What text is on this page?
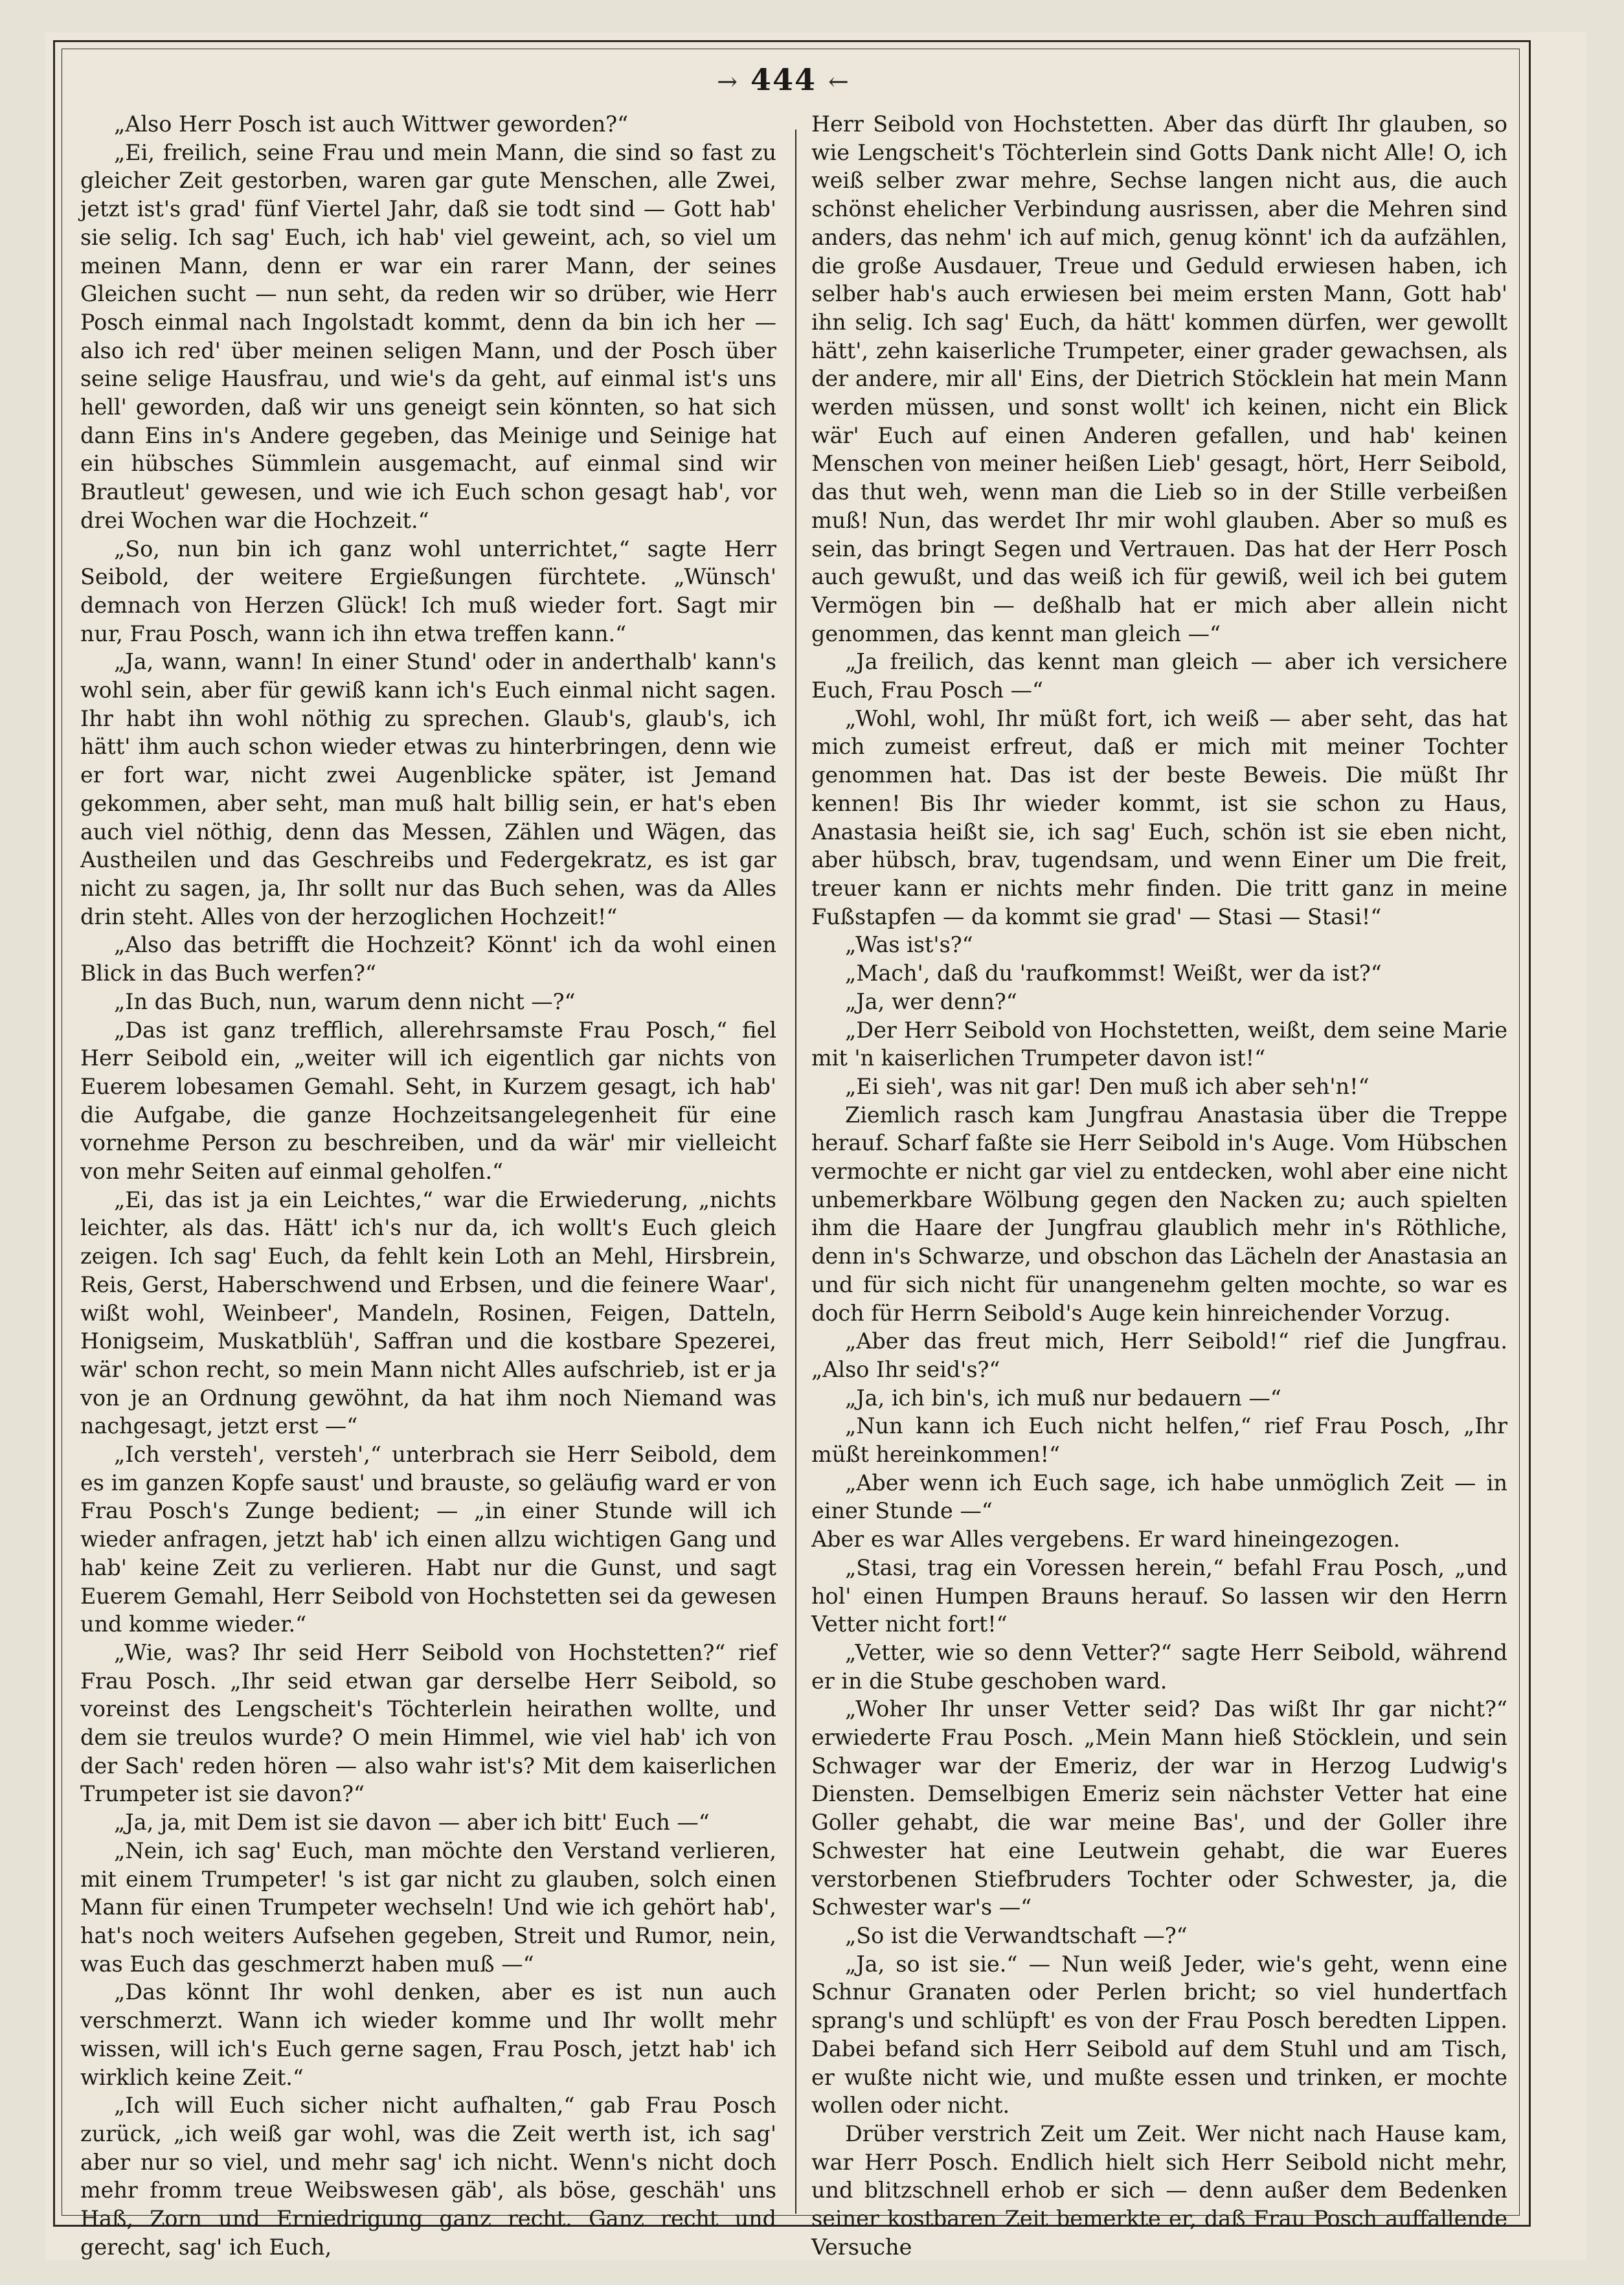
→ 444 ←

„Also Herr Posch ist auch Wittwer geworden?“

„Ei, freilich, seine Frau und mein Mann, die sind so fast zu gleicher Zeit gestorben, waren gar gute Menschen, alle Zwei, jetzt ist's grad' fünf Viertel Jahr, daß sie todt sind — Gott hab' sie selig. Ich sag' Euch, ich hab' viel geweint, ach, so viel um meinen Mann, denn er war ein rarer Mann, der seines Gleichen sucht — nun seht, da reden wir so drüber, wie Herr Posch einmal nach Ingolstadt kommt, denn da bin ich her — also ich red' über meinen seligen Mann, und der Posch über seine selige Hausfrau, und wie's da geht, auf einmal ist's uns hell' geworden, daß wir uns geneigt sein könnten, so hat sich dann Eins in's Andere gegeben, das Meinige und Seinige hat ein hübsches Sümmlein ausgemacht, auf einmal sind wir Brautleut' gewesen, und wie ich Euch schon gesagt hab', vor drei Wochen war die Hochzeit.“

„So, nun bin ich ganz wohl unterrichtet,“ sagte Herr Seibold, der weitere Ergießungen fürchtete. „Wünsch' demnach von Herzen Glück! Ich muß wieder fort. Sagt mir nur, Frau Posch, wann ich ihn etwa treffen kann.“

„Ja, wann, wann! In einer Stund' oder in anderthalb' kann's wohl sein, aber für gewiß kann ich's Euch einmal nicht sagen. Ihr habt ihn wohl nöthig zu sprechen. Glaub's, glaub's, ich hätt' ihm auch schon wieder etwas zu hinterbringen, denn wie er fort war, nicht zwei Augenblicke später, ist Jemand gekommen, aber seht, man muß halt billig sein, er hat's eben auch viel nöthig, denn das Messen, Zählen und Wägen, das Austheilen und das Geschreibs und Federgekratz, es ist gar nicht zu sagen, ja, Ihr sollt nur das Buch sehen, was da Alles drin steht. Alles von der herzoglichen Hochzeit!“

„Also das betrifft die Hochzeit? Könnt' ich da wohl einen Blick in das Buch werfen?“

„In das Buch, nun, warum denn nicht —?“

„Das ist ganz trefflich, allerehrsamste Frau Posch,“ fiel Herr Seibold ein, „weiter will ich eigentlich gar nichts von Euerem lobesamen Gemahl. Seht, in Kurzem gesagt, ich hab' die Aufgabe, die ganze Hochzeitsangelegenheit für eine vornehme Person zu beschreiben, und da wär' mir vielleicht von mehr Seiten auf einmal geholfen.“

„Ei, das ist ja ein Leichtes,“ war die Erwiederung, „nichts leichter, als das. Hätt' ich's nur da, ich wollt's Euch gleich zeigen. Ich sag' Euch, da fehlt kein Loth an Mehl, Hirsbrein, Reis, Gerst, Haberschwend und Erbsen, und die feinere Waar', wißt wohl, Weinbeer', Mandeln, Rosinen, Feigen, Datteln, Honigseim, Muskatblüh', Saffran und die kostbare Spezerei, wär' schon recht, so mein Mann nicht Alles aufschrieb, ist er ja von je an Ordnung gewöhnt, da hat ihm noch Niemand was nachgesagt, jetzt erst —“

„Ich versteh', versteh',“ unterbrach sie Herr Seibold, dem es im ganzen Kopfe saust' und brauste, so geläufig ward er von Frau Posch's Zunge bedient; — „in einer Stunde will ich wieder anfragen, jetzt hab' ich einen allzu wichtigen Gang und hab' keine Zeit zu verlieren. Habt nur die Gunst, und sagt Euerem Gemahl, Herr Seibold von Hochstetten sei da gewesen und komme wieder.“

„Wie, was? Ihr seid Herr Seibold von Hochstetten?“ rief Frau Posch. „Ihr seid etwan gar derselbe Herr Seibold, so voreinst des Lengscheit's Töchterlein heirathen wollte, und dem sie treulos wurde? O mein Himmel, wie viel hab' ich von der Sach' reden hören — also wahr ist's? Mit dem kaiserlichen Trumpeter ist sie davon?“

„Ja, ja, mit Dem ist sie davon — aber ich bitt' Euch —“

„Nein, ich sag' Euch, man möchte den Verstand verlieren, mit einem Trumpeter! 's ist gar nicht zu glauben, solch einen Mann für einen Trumpeter wechseln! Und wie ich gehört hab', hat's noch weiters Aufsehen gegeben, Streit und Rumor, nein, was Euch das geschmerzt haben muß —“

„Das könnt Ihr wohl denken, aber es ist nun auch verschmerzt. Wann ich wieder komme und Ihr wollt mehr wissen, will ich's Euch gerne sagen, Frau Posch, jetzt hab' ich wirklich keine Zeit.“

„Ich will Euch sicher nicht aufhalten,“ gab Frau Posch zurück, „ich weiß gar wohl, was die Zeit werth ist, ich sag' aber nur so viel, und mehr sag' ich nicht. Wenn's nicht doch mehr fromm treue Weibswesen gäb', als böse, geschäh' uns Haß, Zorn und Erniedrigung ganz recht. Ganz recht und gerecht, sag' ich Euch,

Herr Seibold von Hochstetten. Aber das dürft Ihr glauben, so wie Lengscheit's Töchterlein sind Gotts Dank nicht Alle! O, ich weiß selber zwar mehre, Sechse langen nicht aus, die auch schönst ehelicher Verbindung ausrissen, aber die Mehren sind anders, das nehm' ich auf mich, genug könnt' ich da aufzählen, die große Ausdauer, Treue und Geduld erwiesen haben, ich selber hab's auch erwiesen bei meim ersten Mann, Gott hab' ihn selig. Ich sag' Euch, da hätt' kommen dürfen, wer gewollt hätt', zehn kaiserliche Trumpeter, einer grader gewachsen, als der andere, mir all' Eins, der Dietrich Stöcklein hat mein Mann werden müssen, und sonst wollt' ich keinen, nicht ein Blick wär' Euch auf einen Anderen gefallen, und hab' keinen Menschen von meiner heißen Lieb' gesagt, hört, Herr Seibold, das thut weh, wenn man die Lieb so in der Stille verbeißen muß! Nun, das werdet Ihr mir wohl glauben. Aber so muß es sein, das bringt Segen und Vertrauen. Das hat der Herr Posch auch gewußt, und das weiß ich für gewiß, weil ich bei gutem Vermögen bin — deßhalb hat er mich aber allein nicht genommen, das kennt man gleich —“

„Ja freilich, das kennt man gleich — aber ich versichere Euch, Frau Posch —“

„Wohl, wohl, Ihr müßt fort, ich weiß — aber seht, das hat mich zumeist erfreut, daß er mich mit meiner Tochter genommen hat. Das ist der beste Beweis. Die müßt Ihr kennen! Bis Ihr wieder kommt, ist sie schon zu Haus, Anastasia heißt sie, ich sag' Euch, schön ist sie eben nicht, aber hübsch, brav, tugendsam, und wenn Einer um Die freit, treuer kann er nichts mehr finden. Die tritt ganz in meine Fußstapfen — da kommt sie grad' — Stasi — Stasi!“

„Was ist's?“

„Mach', daß du 'raufkommst! Weißt, wer da ist?“

„Ja, wer denn?“

„Der Herr Seibold von Hochstetten, weißt, dem seine Marie mit 'n kaiserlichen Trumpeter davon ist!“

„Ei sieh', was nit gar! Den muß ich aber seh'n!“

Ziemlich rasch kam Jungfrau Anastasia über die Treppe herauf. Scharf faßte sie Herr Seibold in's Auge. Vom Hübschen vermochte er nicht gar viel zu entdecken, wohl aber eine nicht unbemerkbare Wölbung gegen den Nacken zu; auch spielten ihm die Haare der Jungfrau glaublich mehr in's Röthliche, denn in's Schwarze, und obschon das Lächeln der Anastasia an und für sich nicht für unangenehm gelten mochte, so war es doch für Herrn Seibold's Auge kein hinreichender Vorzug.

„Aber das freut mich, Herr Seibold!“ rief die Jungfrau. „Also Ihr seid's?“

„Ja, ich bin's, ich muß nur bedauern —“

„Nun kann ich Euch nicht helfen,“ rief Frau Posch, „Ihr müßt hereinkommen!“

„Aber wenn ich Euch sage, ich habe unmöglich Zeit — in einer Stunde —“

Aber es war Alles vergebens. Er ward hineingezogen.

„Stasi, trag ein Voressen herein,“ befahl Frau Posch, „und hol' einen Humpen Brauns herauf. So lassen wir den Herrn Vetter nicht fort!“

„Vetter, wie so denn Vetter?“ sagte Herr Seibold, während er in die Stube geschoben ward.

„Woher Ihr unser Vetter seid? Das wißt Ihr gar nicht?“ erwiederte Frau Posch. „Mein Mann hieß Stöcklein, und sein Schwager war der Emeriz, der war in Herzog Ludwig's Diensten. Demselbigen Emeriz sein nächster Vetter hat eine Goller gehabt, die war meine Bas', und der Goller ihre Schwester hat eine Leutwein gehabt, die war Eueres verstorbenen Stiefbruders Tochter oder Schwester, ja, die Schwester war's —“

„So ist die Verwandtschaft —?“

„Ja, so ist sie.“ — Nun weiß Jeder, wie's geht, wenn eine Schnur Granaten oder Perlen bricht; so viel hundertfach sprang's und schlüpft' es von der Frau Posch beredten Lippen. Dabei befand sich Herr Seibold auf dem Stuhl und am Tisch, er wußte nicht wie, und mußte essen und trinken, er mochte wollen oder nicht.

Drüber verstrich Zeit um Zeit. Wer nicht nach Hause kam, war Herr Posch. Endlich hielt sich Herr Seibold nicht mehr, und blitzschnell erhob er sich — denn außer dem Bedenken seiner kostbaren Zeit bemerkte er, daß Frau Posch auffallende Versuche
